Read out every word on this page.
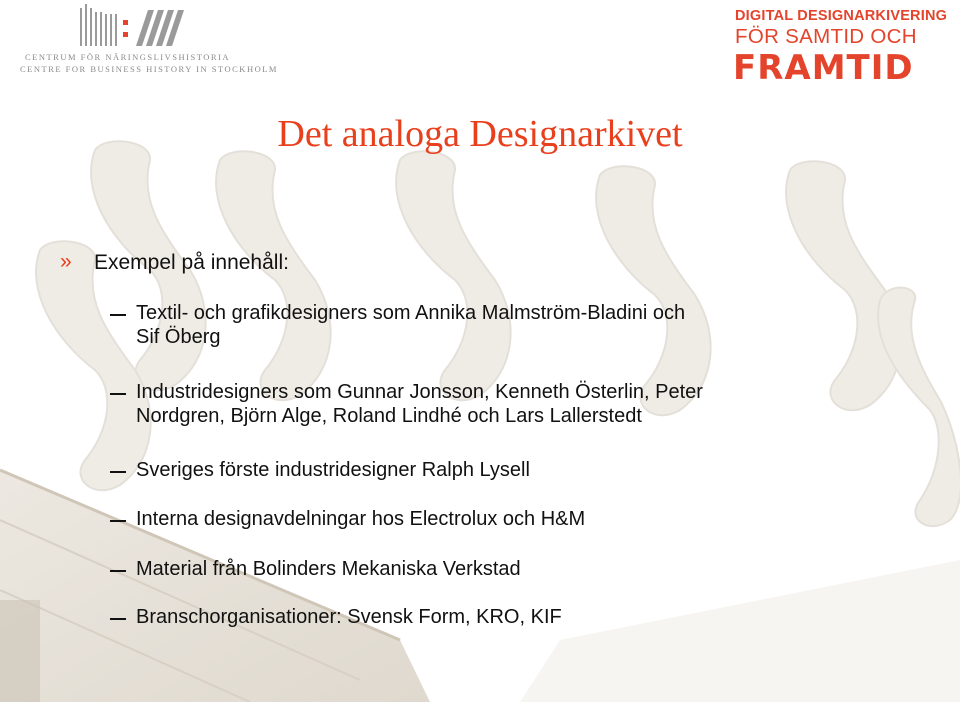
CENTRUM FÖR NÄRINGSLIVSHISTORIA
CENTRE FOR BUSINESS HISTORY IN STOCKHOLM
DIGITAL DESIGNARKIVERING
FÖR SAMTID OCH
FRAMTID
Det analoga Designarkivet
» Exempel på innehåll:
Textil- och grafikdesigners som Annika Malmström-Bladini och
Sif Öberg
Industridesigners som Gunnar Jonsson, Kenneth Österlin, Peter
Nordgren, Björn Alge, Roland Lindhé och Lars Lallerstedt
Sveriges förste industridesigner Ralph Lysell
Interna designavdelningar hos Electrolux och H&M
Material från Bolinders Mekaniska Verkstad
Branschorganisationer: Svensk Form, KRO, KIF
